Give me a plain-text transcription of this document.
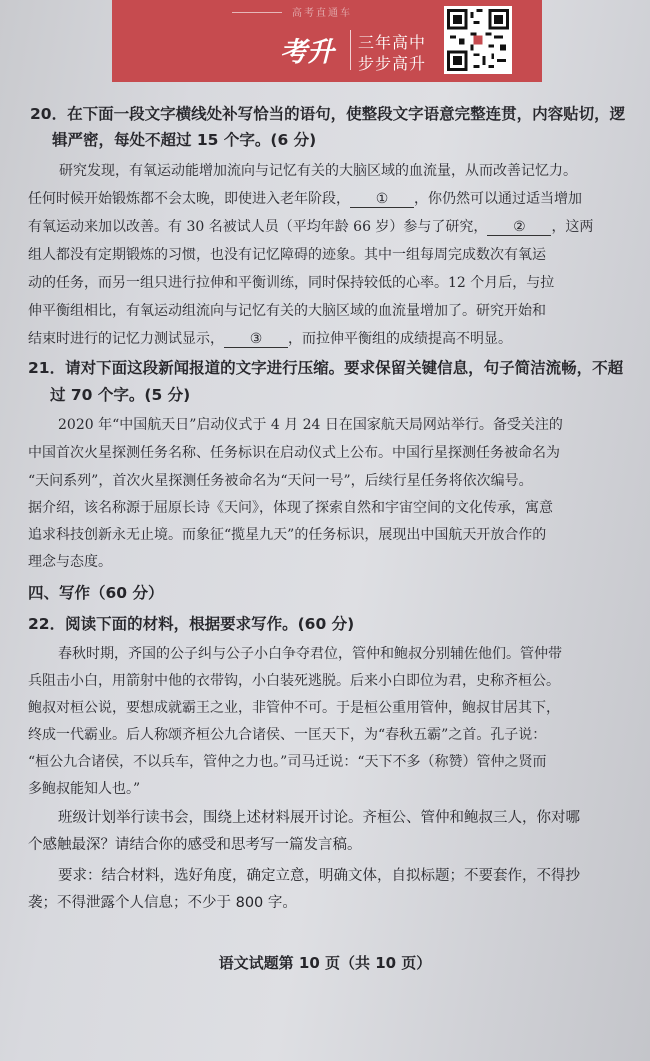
高考直通车
考升 三年高中
步步高升
20．在下面一段文字横线处补写恰当的语句，使整段文字语意完整连贯，内容贴切，逻
辑严密，每处不超过 15 个字。(6 分)
研究发现，有氧运动能增加流向与记忆有关的大脑区域的血流量，从而改善记忆力。
任何时候开始锻炼都不会太晚，即使进入老年阶段， ① ，你仍然可以通过适当增加
有氧运动来加以改善。有 30 名被试人员（平均年龄 66 岁）参与了研究， ② ，这两
组人都没有定期锻炼的习惯，也没有记忆障碍的迹象。其中一组每周完成数次有氧运
动的任务，而另一组只进行拉伸和平衡训练，同时保持较低的心率。12 个月后，与拉
伸平衡组相比，有氧运动组流向与记忆有关的大脑区域的血流量增加了。研究开始和
结束时进行的记忆力测试显示， ③ ，而拉伸平衡组的成绩提高不明显。
21．请对下面这段新闻报道的文字进行压缩。要求保留关键信息，句子简洁流畅，不超
过 70 个字。(5 分)
2020 年“中国航天日”启动仪式于 4 月 24 日在国家航天局网站举行。备受关注的
中国首次火星探测任务名称、任务标识在启动仪式上公布。中国行星探测任务被命名为
“天问系列”，首次火星探测任务被命名为“天问一号”，后续行星任务将依次编号。
据介绍，该名称源于屈原长诗《天问》，体现了探索自然和宇宙空间的文化传承，寓意
追求科技创新永无止境。而象征“揽星九天”的任务标识，展现出中国航天开放合作的
理念与态度。
四、写作（60 分）
22．阅读下面的材料，根据要求写作。(60 分)
春秋时期，齐国的公子纠与公子小白争夺君位，管仲和鲍叔分别辅佐他们。管仲带
兵阻击小白，用箭射中他的衣带钩，小白装死逃脱。后来小白即位为君，史称齐桓公。
鲍叔对桓公说，要想成就霸王之业，非管仲不可。于是桓公重用管仲，鲍叔甘居其下，
终成一代霸业。后人称颂齐桓公九合诸侯、一匡天下，为“春秋五霸”之首。孔子说：
“桓公九合诸侯，不以兵车，管仲之力也。”司马迁说：“天下不多（称赞）管仲之贤而
多鲍叔能知人也。”
班级计划举行读书会，围绕上述材料展开讨论。齐桓公、管仲和鲍叔三人，你对哪
个感触最深？请结合你的感受和思考写一篇发言稿。
要求：结合材料，选好角度，确定立意，明确文体，自拟标题；不要套作，不得抄
袭；不得泄露个人信息；不少于 800 字。
语文试题第 10 页（共 10 页）
